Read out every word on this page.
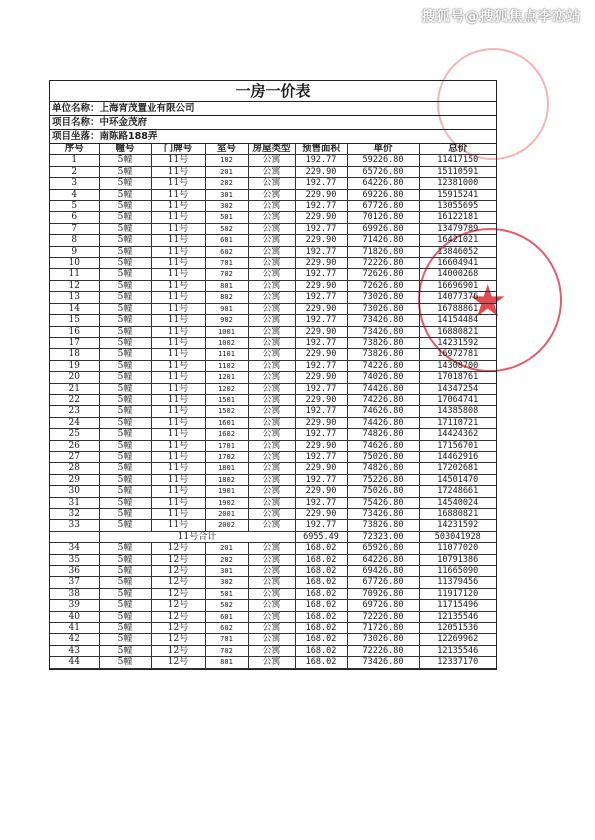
搜狐号@搜狐焦点李恋站
★
一房一价表
单位名称：上海宵茂置业有限公司
项目名称：中环金茂府
项目坐落：南陈路188弄
序号	幢号	门牌号	室号	房屋类型	预售面积	单价	总价
1	5幢	11号	102	公寓	192.77	59226.80	11417150
2	5幢	11号	201	公寓	229.90	65726.80	15110591
3	5幢	11号	202	公寓	192.77	64226.80	12381000
4	5幢	11号	301	公寓	229.90	69226.80	15915241
5	5幢	11号	302	公寓	192.77	67726.80	13055695
6	5幢	11号	501	公寓	229.90	70126.80	16122181
7	5幢	11号	502	公寓	192.77	69926.80	13479789
8	5幢	11号	601	公寓	229.90	71426.80	16421021
9	5幢	11号	602	公寓	192.77	71826.80	13846052
10	5幢	11号	701	公寓	229.90	72226.80	16604941
11	5幢	11号	702	公寓	192.77	72626.80	14000268
12	5幢	11号	801	公寓	229.90	72626.80	16696901
13	5幢	11号	802	公寓	192.77	73026.80	14077376
14	5幢	11号	901	公寓	229.90	73026.80	16788861
15	5幢	11号	902	公寓	192.77	73426.80	14154484
16	5幢	11号	1001	公寓	229.90	73426.80	16880821
17	5幢	11号	1002	公寓	192.77	73826.80	14231592
18	5幢	11号	1101	公寓	229.90	73826.80	16972781
19	5幢	11号	1102	公寓	192.77	74226.80	14308700
20	5幢	11号	1201	公寓	229.90	74026.80	17018761
21	5幢	11号	1202	公寓	192.77	74426.80	14347254
22	5幢	11号	1501	公寓	229.90	74226.80	17064741
23	5幢	11号	1502	公寓	192.77	74626.80	14385808
24	5幢	11号	1601	公寓	229.90	74426.80	17110721
25	5幢	11号	1602	公寓	192.77	74826.80	14424362
26	5幢	11号	1701	公寓	229.90	74626.80	17156701
27	5幢	11号	1702	公寓	192.77	75026.80	14462916
28	5幢	11号	1801	公寓	229.90	74826.80	17202681
29	5幢	11号	1802	公寓	192.77	75226.80	14501470
30	5幢	11号	1901	公寓	229.90	75026.80	17248661
31	5幢	11号	1902	公寓	192.77	75426.80	14540024
32	5幢	11号	2001	公寓	229.90	73426.80	16880821
33	5幢	11号	2002	公寓	192.77	73826.80	14231592
	11号合计				6955.49	72323.00	503041928
34	5幢	12号	201	公寓	168.02	65926.80	11077020
35	5幢	12号	202	公寓	168.02	64226.80	10791386
36	5幢	12号	301	公寓	168.02	69426.80	11665090
37	5幢	12号	302	公寓	168.02	67726.80	11379456
38	5幢	12号	501	公寓	168.02	70926.80	11917120
39	5幢	12号	502	公寓	168.02	69726.80	11715496
40	5幢	12号	601	公寓	168.02	72226.80	12135546
41	5幢	12号	602	公寓	168.02	71726.80	12051536
42	5幢	12号	701	公寓	168.02	73026.80	12269962
43	5幢	12号	702	公寓	168.02	72226.80	12135546
44	5幢	12号	801	公寓	168.02	73426.80	12337170
